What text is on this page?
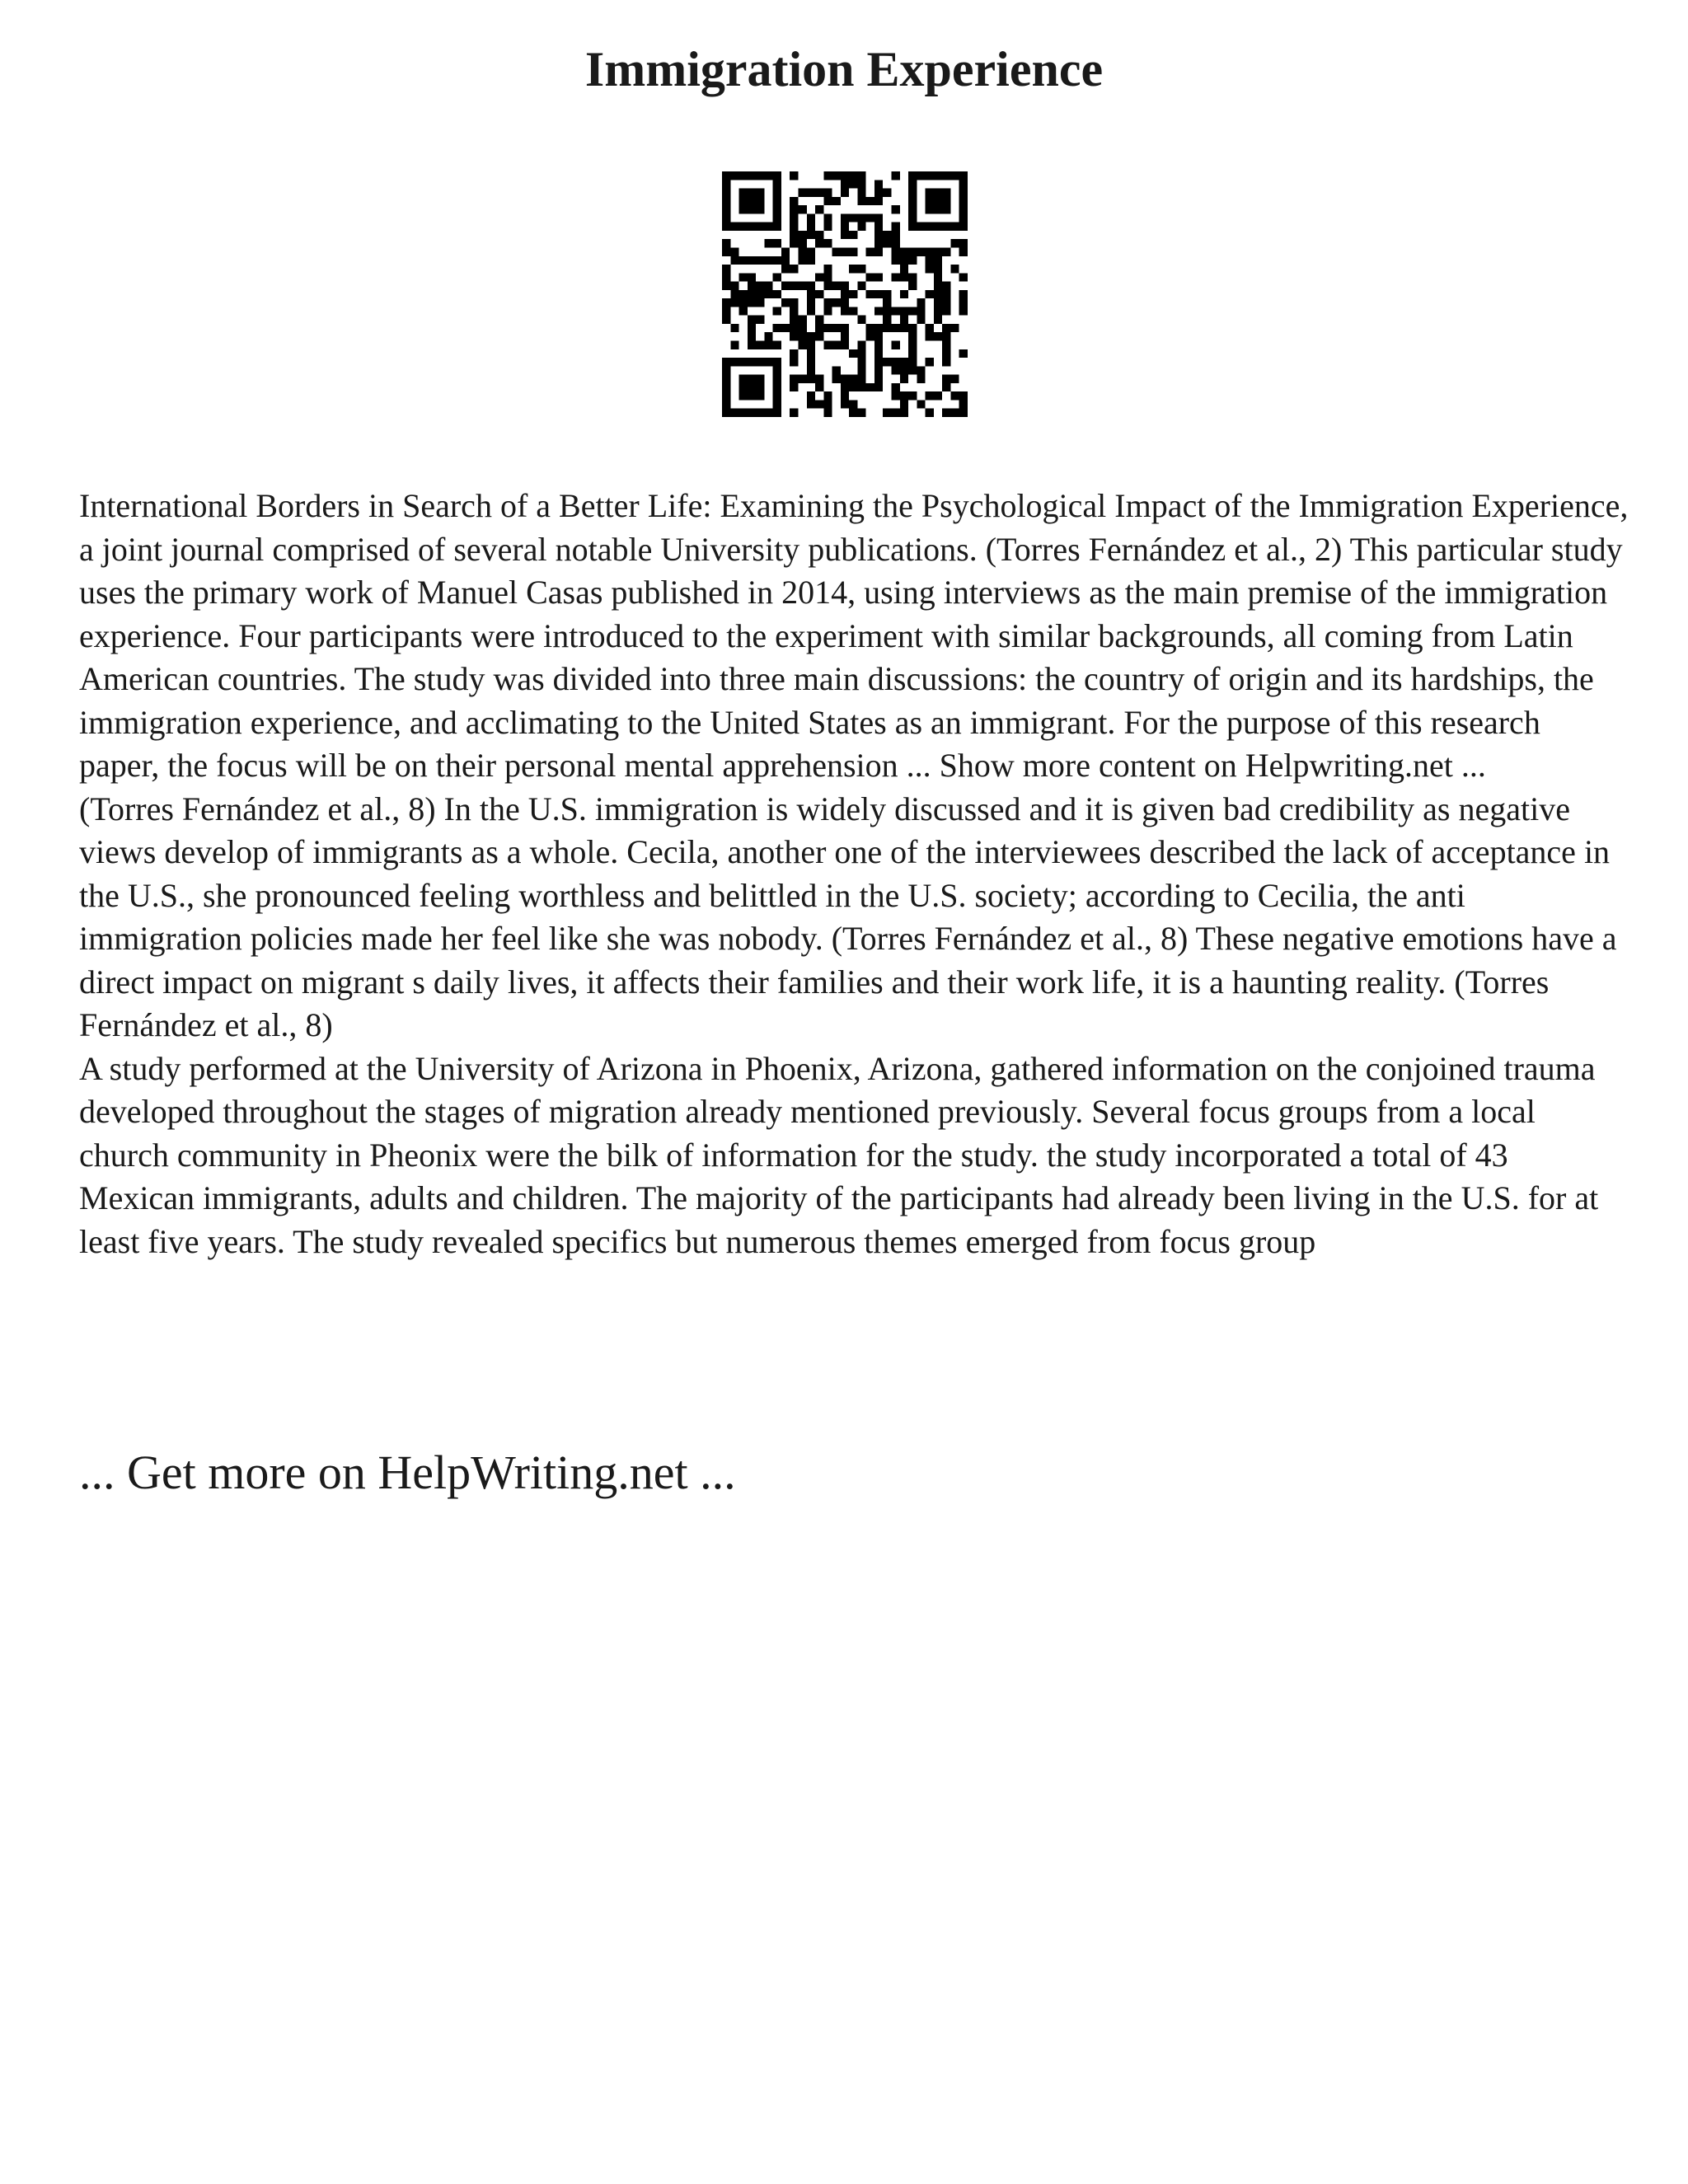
Immigration Experience

International Borders in Search of a Better Life: Examining the Psychological Impact of the Immigration Experience, a joint journal comprised of several notable University publications. (Torres Fernández et al., 2) This particular study uses the primary work of Manuel Casas published in 2014, using interviews as the main premise of the immigration experience. Four participants were introduced to the experiment with similar backgrounds, all coming from Latin American countries. The study was divided into three main discussions: the country of origin and its hardships, the immigration experience, and acclimating to the United States as an immigrant. For the purpose of this research paper, the focus will be on their personal mental apprehension ... Show more content on Helpwriting.net ...

(Torres Fernández et al., 8) In the U.S. immigration is widely discussed and it is given bad credibility as negative views develop of immigrants as a whole. Cecila, another one of the interviewees described the lack of acceptance in the U.S., she pronounced feeling worthless and belittled in the U.S. society; according to Cecilia, the anti immigration policies made her feel like she was nobody. (Torres Fernández et al., 8) These negative emotions have a direct impact on migrant s daily lives, it affects their families and their work life, it is a haunting reality. (Torres Fernández et al., 8)

A study performed at the University of Arizona in Phoenix, Arizona, gathered information on the conjoined trauma developed throughout the stages of migration already mentioned previously. Several focus groups from a local church community in Pheonix were the bilk of information for the study. the study incorporated a total of 43 Mexican immigrants, adults and children. The majority of the participants had already been living in the U.S. for at least five years. The study revealed specifics but numerous themes emerged from focus group

... Get more on HelpWriting.net ...
